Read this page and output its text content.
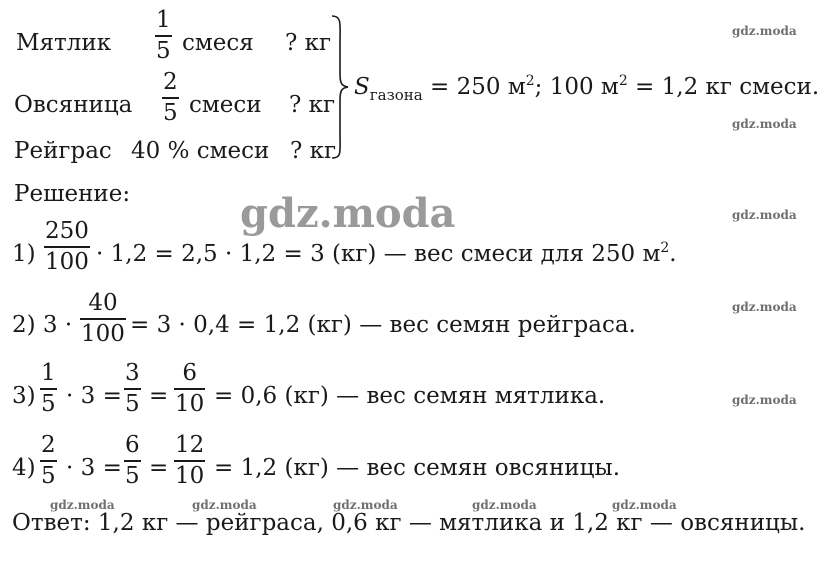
Мятлик
1
5 смеся ? кг
Овсяница
2
5 смеси ? кг
Рейграс 40 % смеси ? кг
$S_{газона} = 250$ $м^2$; 100 $м^2 = 1,2$ кг смеси.
Решение:
1)
250
100 · 1,2 = 2,5 · 1,2 = 3 (кг) — вес смеси для 250 $м^2$.
2) 3 ·
40
100 = 3 · 0,4 = 1,2 (кг) — вес семян рейграса.
3)
1
5 · 3 =
3
5 =
6
10 = 0,6 (кг) — вес семян мятлика.
4)
2
5 · 3 =
6
5 =
12
10 = 1,2 (кг) — вес семян овсяницы.
Ответ: 1,2 кг — рейграса, 0,6 кг — мятлика и 1,2 кг — овсяницы.
gdz.moda
gdz.moda
gdz.moda
gdz.moda
gdz.moda
gdz.moda
gdz.moda	gdz.moda	gdz.moda	gdz.moda	gdz.moda
